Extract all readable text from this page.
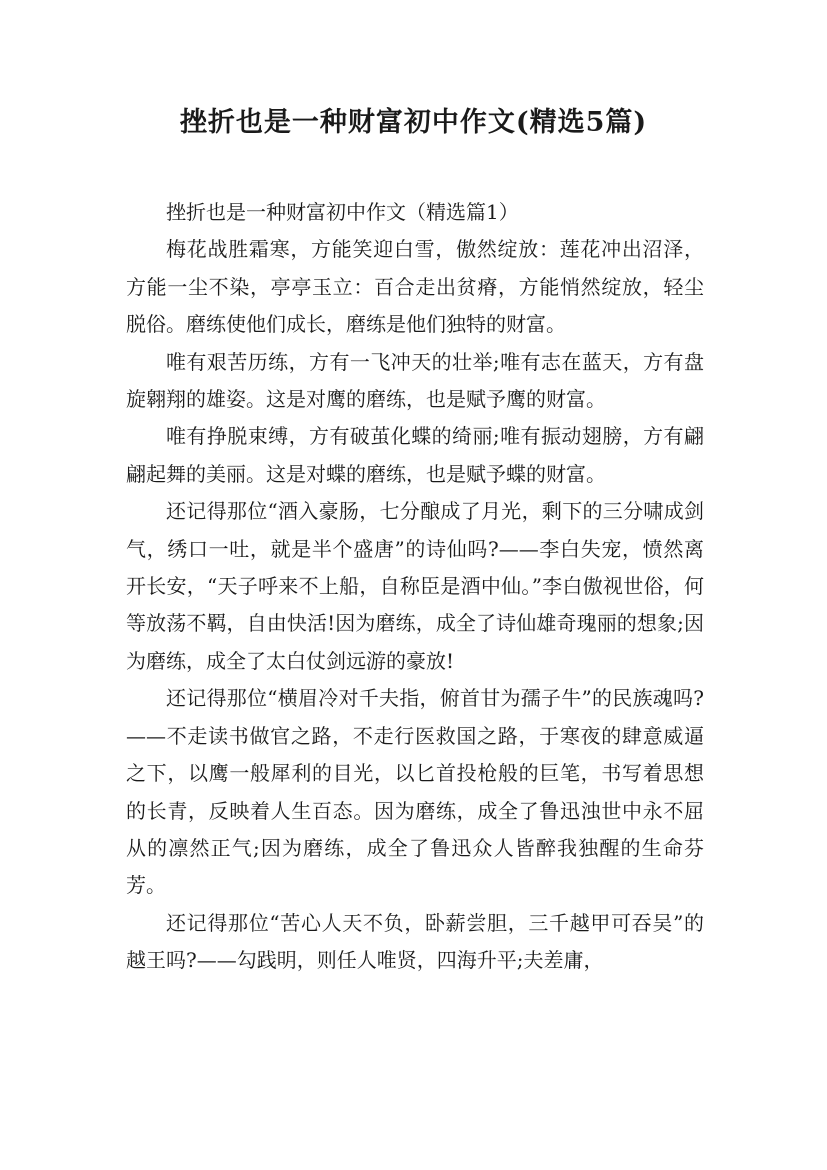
挫折也是一种财富初中作文(精选5篇)

挫折也是一种财富初中作文（精选篇1）

梅花战胜霜寒，方能笑迎白雪，傲然绽放：莲花冲出沼泽，方能一尘不染，亭亭玉立：百合走出贫瘠，方能悄然绽放，轻尘脱俗。磨练使他们成长，磨练是他们独特的财富。

唯有艰苦历练，方有一飞冲天的壮举;唯有志在蓝天，方有盘旋翱翔的雄姿。这是对鹰的磨练，也是赋予鹰的财富。

唯有挣脱束缚，方有破茧化蝶的绮丽;唯有振动翅膀，方有翩翩起舞的美丽。这是对蝶的磨练，也是赋予蝶的财富。

还记得那位“酒入豪肠，七分酿成了月光，剩下的三分啸成剑气，绣口一吐，就是半个盛唐”的诗仙吗?——李白失宠，愤然离开长安，“天子呼来不上船，自称臣是酒中仙。”李白傲视世俗，何等放荡不羁，自由快活!因为磨练，成全了诗仙雄奇瑰丽的想象;因为磨练，成全了太白仗剑远游的豪放!

还记得那位“横眉冷对千夫指，俯首甘为孺子牛”的民族魂吗?——不走读书做官之路，不走行医救国之路，于寒夜的肆意威逼之下，以鹰一般犀利的目光，以匕首投枪般的巨笔，书写着思想的长青，反映着人生百态。因为磨练，成全了鲁迅浊世中永不屈从的凛然正气;因为磨练，成全了鲁迅众人皆醉我独醒的生命芬芳。

还记得那位“苦心人天不负，卧薪尝胆，三千越甲可吞吴”的越王吗?——勾践明，则任人唯贤，四海升平;夫差庸，
